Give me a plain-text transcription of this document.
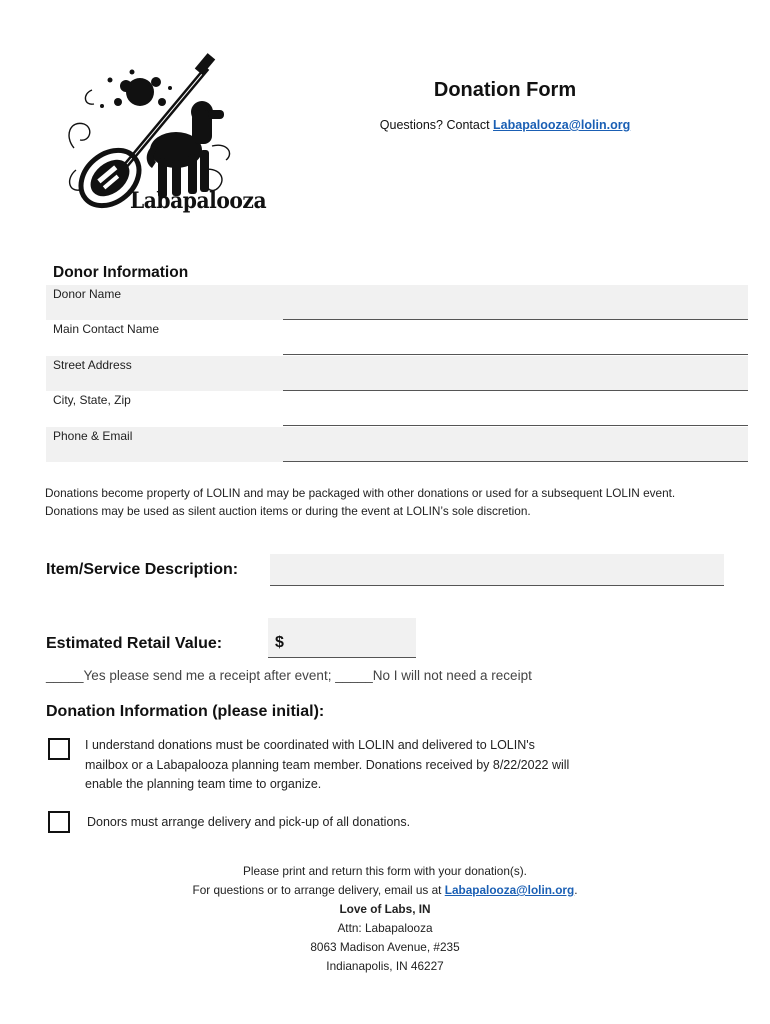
Labapalooza
Donation Form
Questions? Contact Labapalooza@lolin.org
Donor Information
Donor Name
Main Contact Name
Street Address
City, State, Zip
Phone & Email
Donations become property of LOLIN and may be packaged with other donations or used for a subsequent LOLIN event.
Donations may be used as silent auction items or during the event at LOLIN’s sole discretion.
Item/Service Description:
Estimated Retail Value:	$
_____Yes please send me a receipt after event; _____No I will not need a receipt
Donation Information (please initial):
I understand donations must be coordinated with LOLIN and delivered to LOLIN's
mailbox or a Labapalooza planning team member. Donations received by 8/22/2022 will
enable the planning team time to organize.
Donors must arrange delivery and pick-up of all donations.
Please print and return this form with your donation(s).
For questions or to arrange delivery, email us at Labapalooza@lolin.org.
Love of Labs, IN
Attn: Labapalooza
8063 Madison Avenue, #235
Indianapolis, IN 46227
